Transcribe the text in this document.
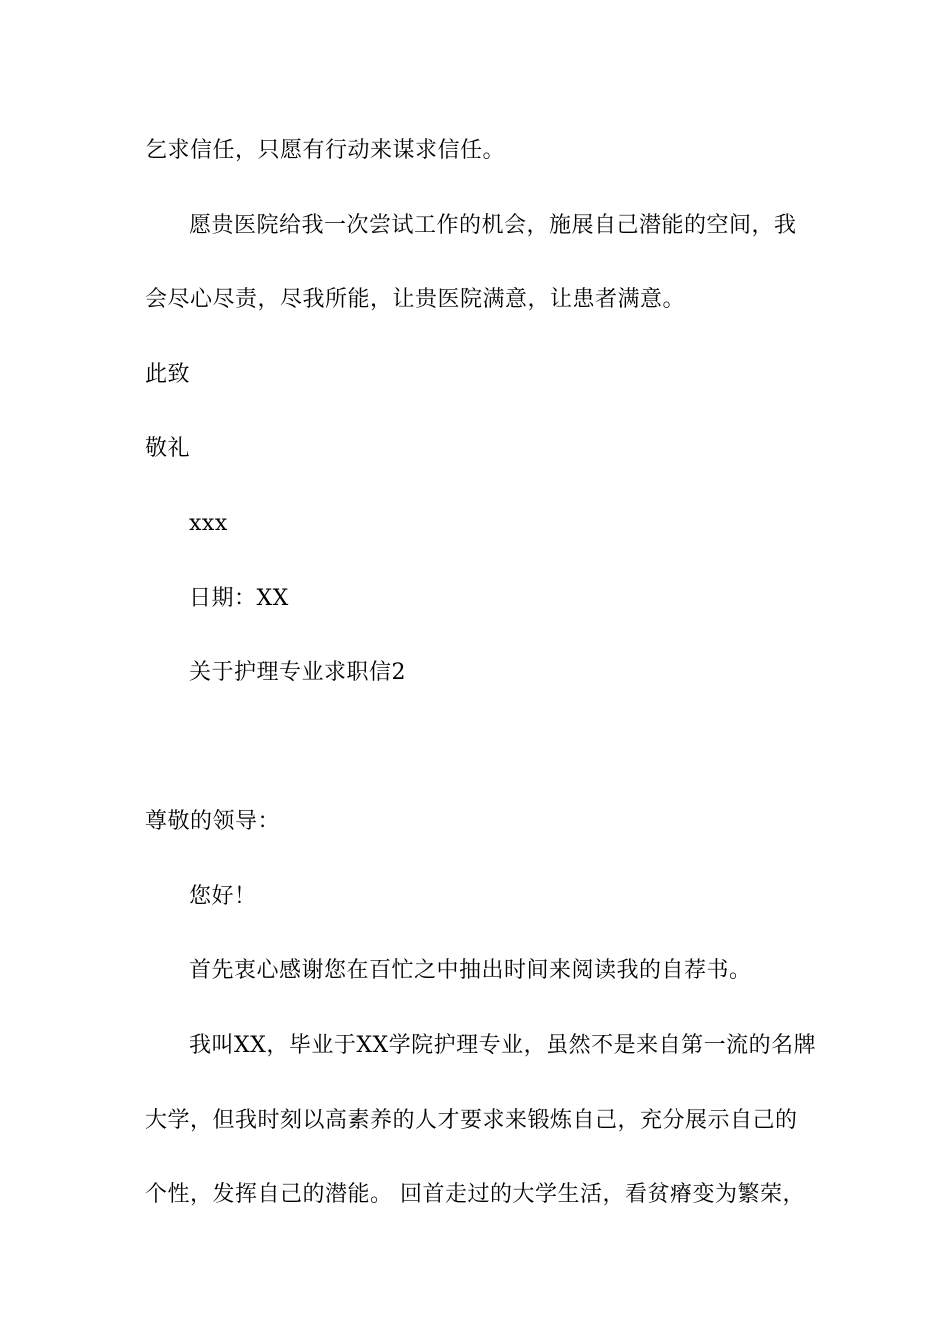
乞求信任，只愿有行动来谋求信任。
愿贵医院给我一次尝试工作的机会，施展自己潜能的空间，我
会尽心尽责，尽我所能，让贵医院满意，让患者满意。
此致
敬礼
xxx
日期：XX
关于护理专业求职信2
尊敬的领导：
您好！
首先衷心感谢您在百忙之中抽出时间来阅读我的自荐书。
我叫XX，毕业于XX学院护理专业，虽然不是来自第一流的名牌
大学，但我时刻以高素养的人才要求来锻炼自己，充分展示自己的
个性，发挥自己的潜能。 回首走过的大学生活，看贫瘠变为繁荣，
